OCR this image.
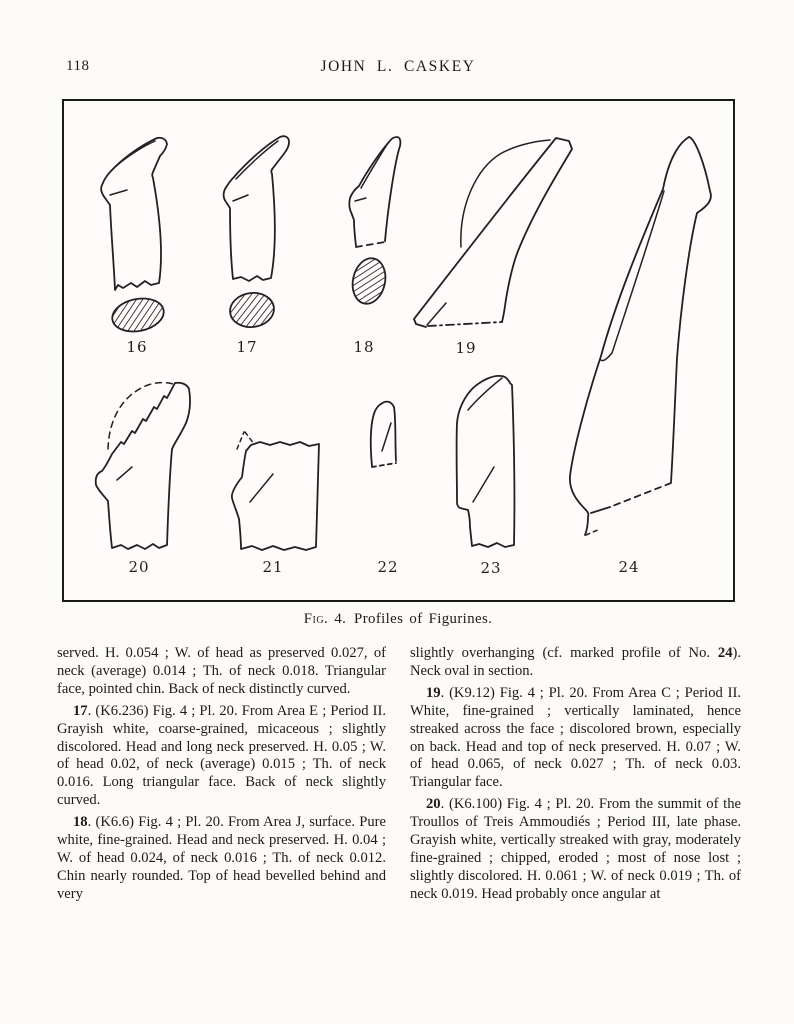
118	JOHN L. CASKEY
16	17	18	19
20	21	22	23	24
Fig. 4. Profiles of Figurines.

served. H. 0.054 ; W. of head as preserved 0.027, of neck (average) 0.014 ; Th. of neck 0.018. Triangular face, pointed chin. Back of neck distinctly curved.

17. (K6.236) Fig. 4 ; Pl. 20. From Area E ; Period II. Grayish white, coarse-grained, micaceous ; slightly discolored. Head and long neck preserved. H. 0.05 ; W. of head 0.02, of neck (average) 0.015 ; Th. of neck 0.016. Long triangular face. Back of neck slightly curved.

18. (K6.6) Fig. 4 ; Pl. 20. From Area J, surface. Pure white, fine-grained. Head and neck preserved. H. 0.04 ; W. of head 0.024, of neck 0.016 ; Th. of neck 0.012. Chin nearly rounded. Top of head bevelled behind and very

slightly overhanging (cf. marked profile of No. 24). Neck oval in section.

19. (K9.12) Fig. 4 ; Pl. 20. From Area C ; Period II. White, fine-grained ; vertically laminated, hence streaked across the face ; discolored brown, especially on back. Head and top of neck preserved. H. 0.07 ; W. of head 0.065, of neck 0.027 ; Th. of neck 0.03. Triangular face.

20. (K6.100) Fig. 4 ; Pl. 20. From the summit of the Troullos of Treis Ammoudiés ; Period III, late phase. Grayish white, vertically streaked with gray, moderately fine-grained ; chipped, eroded ; most of nose lost ; slightly discolored. H. 0.061 ; W. of neck 0.019 ; Th. of neck 0.019. Head probably once angular at
